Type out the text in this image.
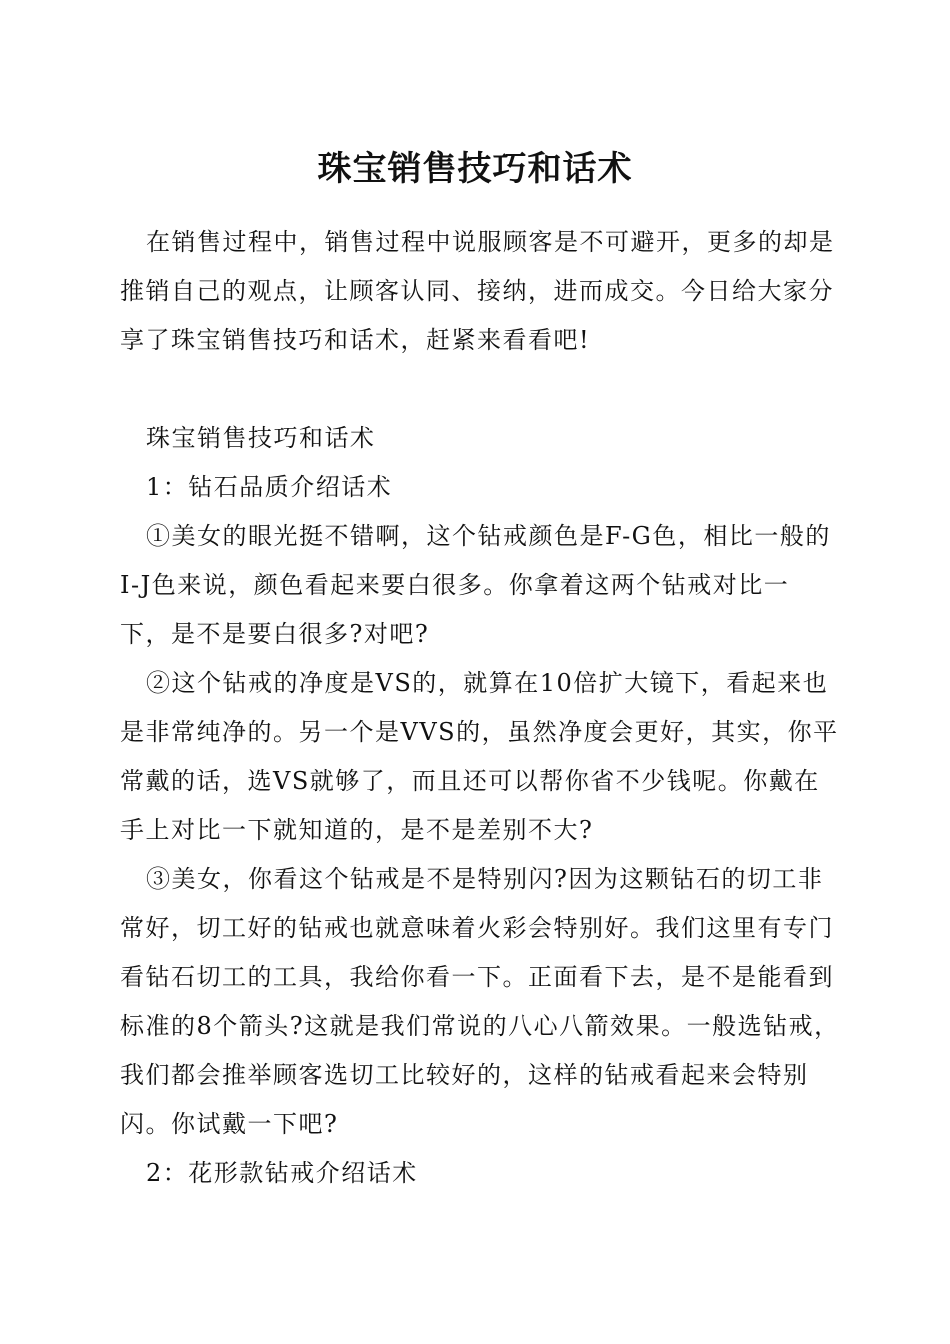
珠宝销售技巧和话术

在销售过程中，销售过程中说服顾客是不可避开，更多的却是推销自己的观点，让顾客认同、接纳，进而成交。今日给大家分享了珠宝销售技巧和话术，赶紧来看看吧!

珠宝销售技巧和话术

1：钻石品质介绍话术

①美女的眼光挺不错啊，这个钻戒颜色是F-G色，相比一般的I-J色来说，颜色看起来要白很多。你拿着这两个钻戒对比一下，是不是要白很多?对吧?

②这个钻戒的净度是VS的，就算在10倍扩大镜下，看起来也是非常纯净的。另一个是VVS的，虽然净度会更好，其实，你平常戴的话，选VS就够了，而且还可以帮你省不少钱呢。你戴在手上对比一下就知道的，是不是差别不大?

③美女，你看这个钻戒是不是特别闪?因为这颗钻石的切工非常好，切工好的钻戒也就意味着火彩会特别好。我们这里有专门看钻石切工的工具，我给你看一下。正面看下去，是不是能看到标准的8个箭头?这就是我们常说的八心八箭效果。一般选钻戒，我们都会推举顾客选切工比较好的，这样的钻戒看起来会特别闪。你试戴一下吧?

2：花形款钻戒介绍话术
